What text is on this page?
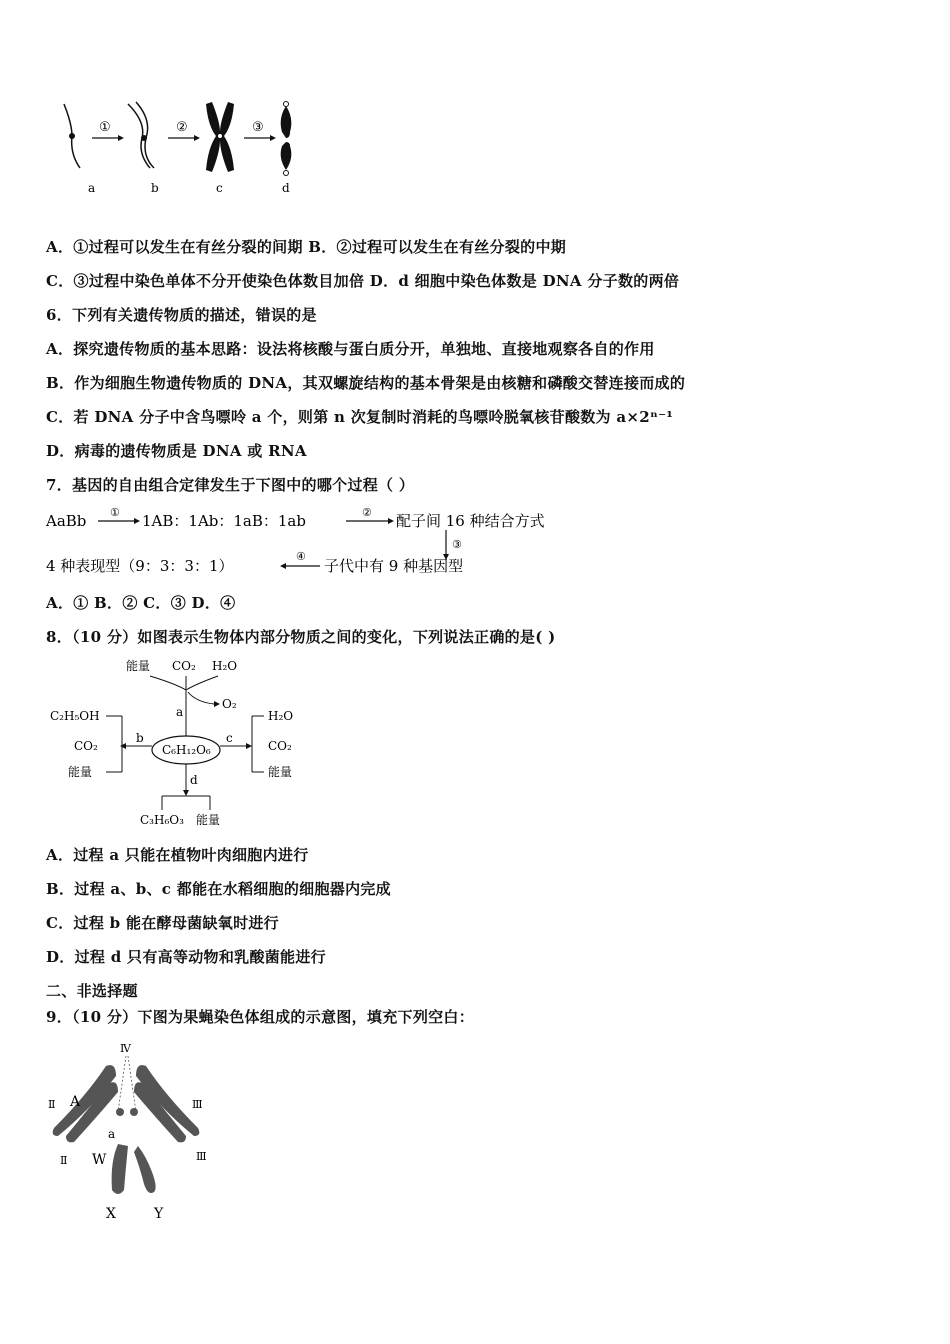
①	②	③
a	b	c	d
A．①过程可以发生在有丝分裂的间期 B．②过程可以发生在有丝分裂的中期
C．③过程中染色单体不分开使染色体数目加倍 D．d 细胞中染色体数是 DNA 分子数的两倍
6．下列有关遗传物质的描述，错误的是
A．探究遗传物质的基本思路：设法将核酸与蛋白质分开，单独地、直接地观察各自的作用
B．作为细胞生物遗传物质的 DNA，其双螺旋结构的基本骨架是由核糖和磷酸交替连接而成的
C．若 DNA 分子中含鸟嘌呤 a 个，则第 n 次复制时消耗的鸟嘌呤脱氧核苷酸数为 a×2ⁿ⁻¹
D．病毒的遗传物质是 DNA 或 RNA
7．基因的自由组合定律发生于下图中的哪个过程（ ）
AaBb ① 1AB：1Ab：1aB：1ab	② 配子间 16 种结合方式
③
4 种表现型（9：3：3：1）
④
子代中有 9 种基因型
A．① B．② C．③ D．④
8．（10 分）如图表示生物体内部分物质之间的变化，下列说法正确的是( )
能量 CO₂ H₂O
O₂
a
C₆H₁₂O₆
b
C₂H₅OH
CO₂
能量
c
H₂O
CO₂
能量
d
C₃H₆O₃ 能量
A．过程 a 只能在植物叶肉细胞内进行
B．过程 a、b、c 都能在水稻细胞的细胞器内完成
C．过程 b 能在酵母菌缺氧时进行
D．过程 d 只有高等动物和乳酸菌能进行
二、非选择题
9．（10 分）下图为果蝇染色体组成的示意图，填充下列空白：
Ⅳ
Ⅱ A
a
Ⅲ
Ⅱ W	Ⅲ
X	Y
